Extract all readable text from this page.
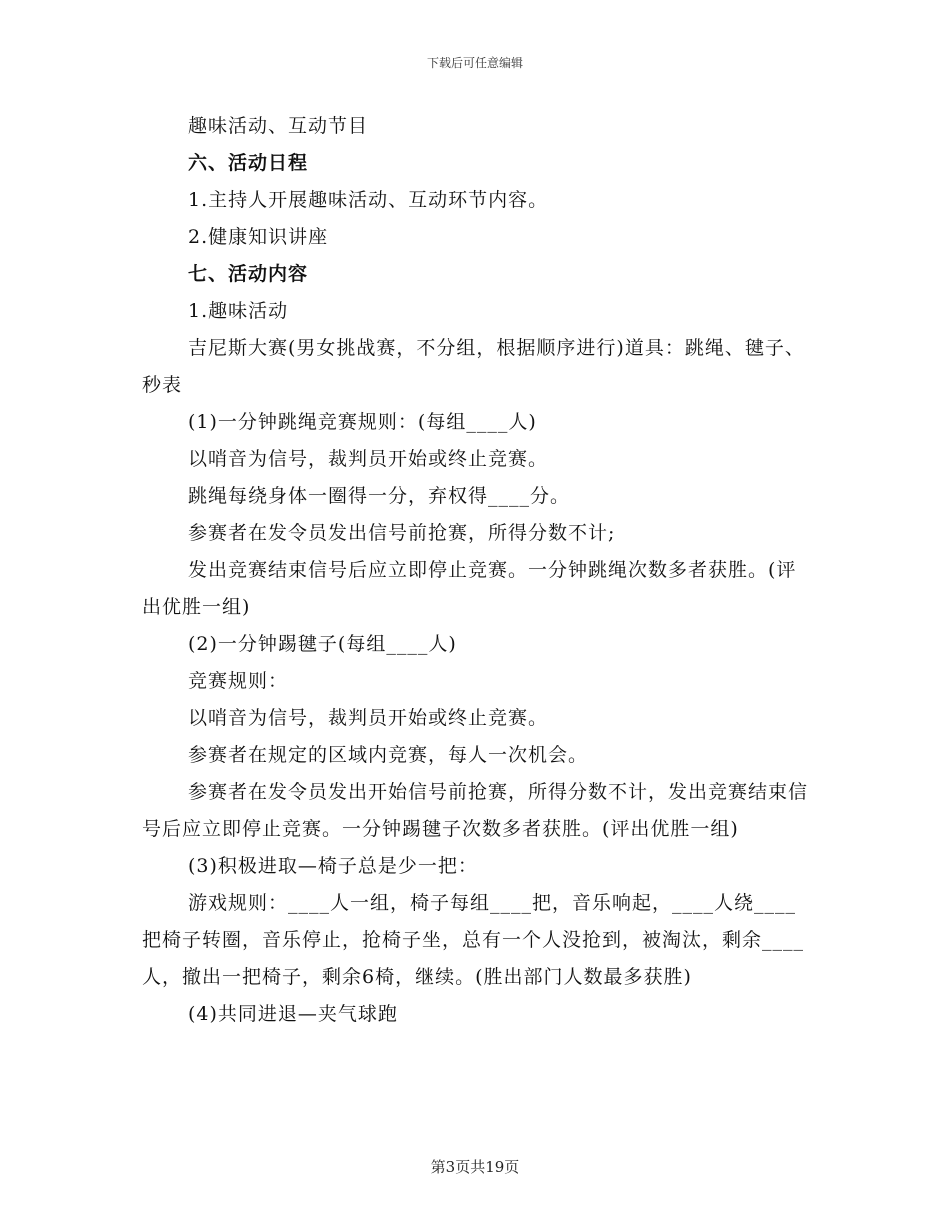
下载后可任意编辑

趣味活动、互动节目

六、活动日程

1.主持人开展趣味活动、互动环节内容。

2.健康知识讲座

七、活动内容

1.趣味活动

吉尼斯大赛(男女挑战赛，不分组，根据顺序进行)道具：跳绳、毽子、秒表

(1)一分钟跳绳竞赛规则：(每组____人)

以哨音为信号，裁判员开始或终止竞赛。

跳绳每绕身体一圈得一分，弃权得____分。

参赛者在发令员发出信号前抢赛，所得分数不计;

发出竞赛结束信号后应立即停止竞赛。一分钟跳绳次数多者获胜。(评出优胜一组)

(2)一分钟踢毽子(每组____人)

竞赛规则：

以哨音为信号，裁判员开始或终止竞赛。

参赛者在规定的区域内竞赛，每人一次机会。

参赛者在发令员发出开始信号前抢赛，所得分数不计，发出竞赛结束信号后应立即停止竞赛。一分钟踢毽子次数多者获胜。(评出优胜一组)

(3)积极进取—椅子总是少一把：

游戏规则：____人一组，椅子每组____把，音乐响起，____人绕____把椅子转圈，音乐停止，抢椅子坐，总有一个人没抢到，被淘汰，剩余____人，撤出一把椅子，剩余6椅，继续。(胜出部门人数最多获胜)

(4)共同进退—夹气球跑

第3页共19页
